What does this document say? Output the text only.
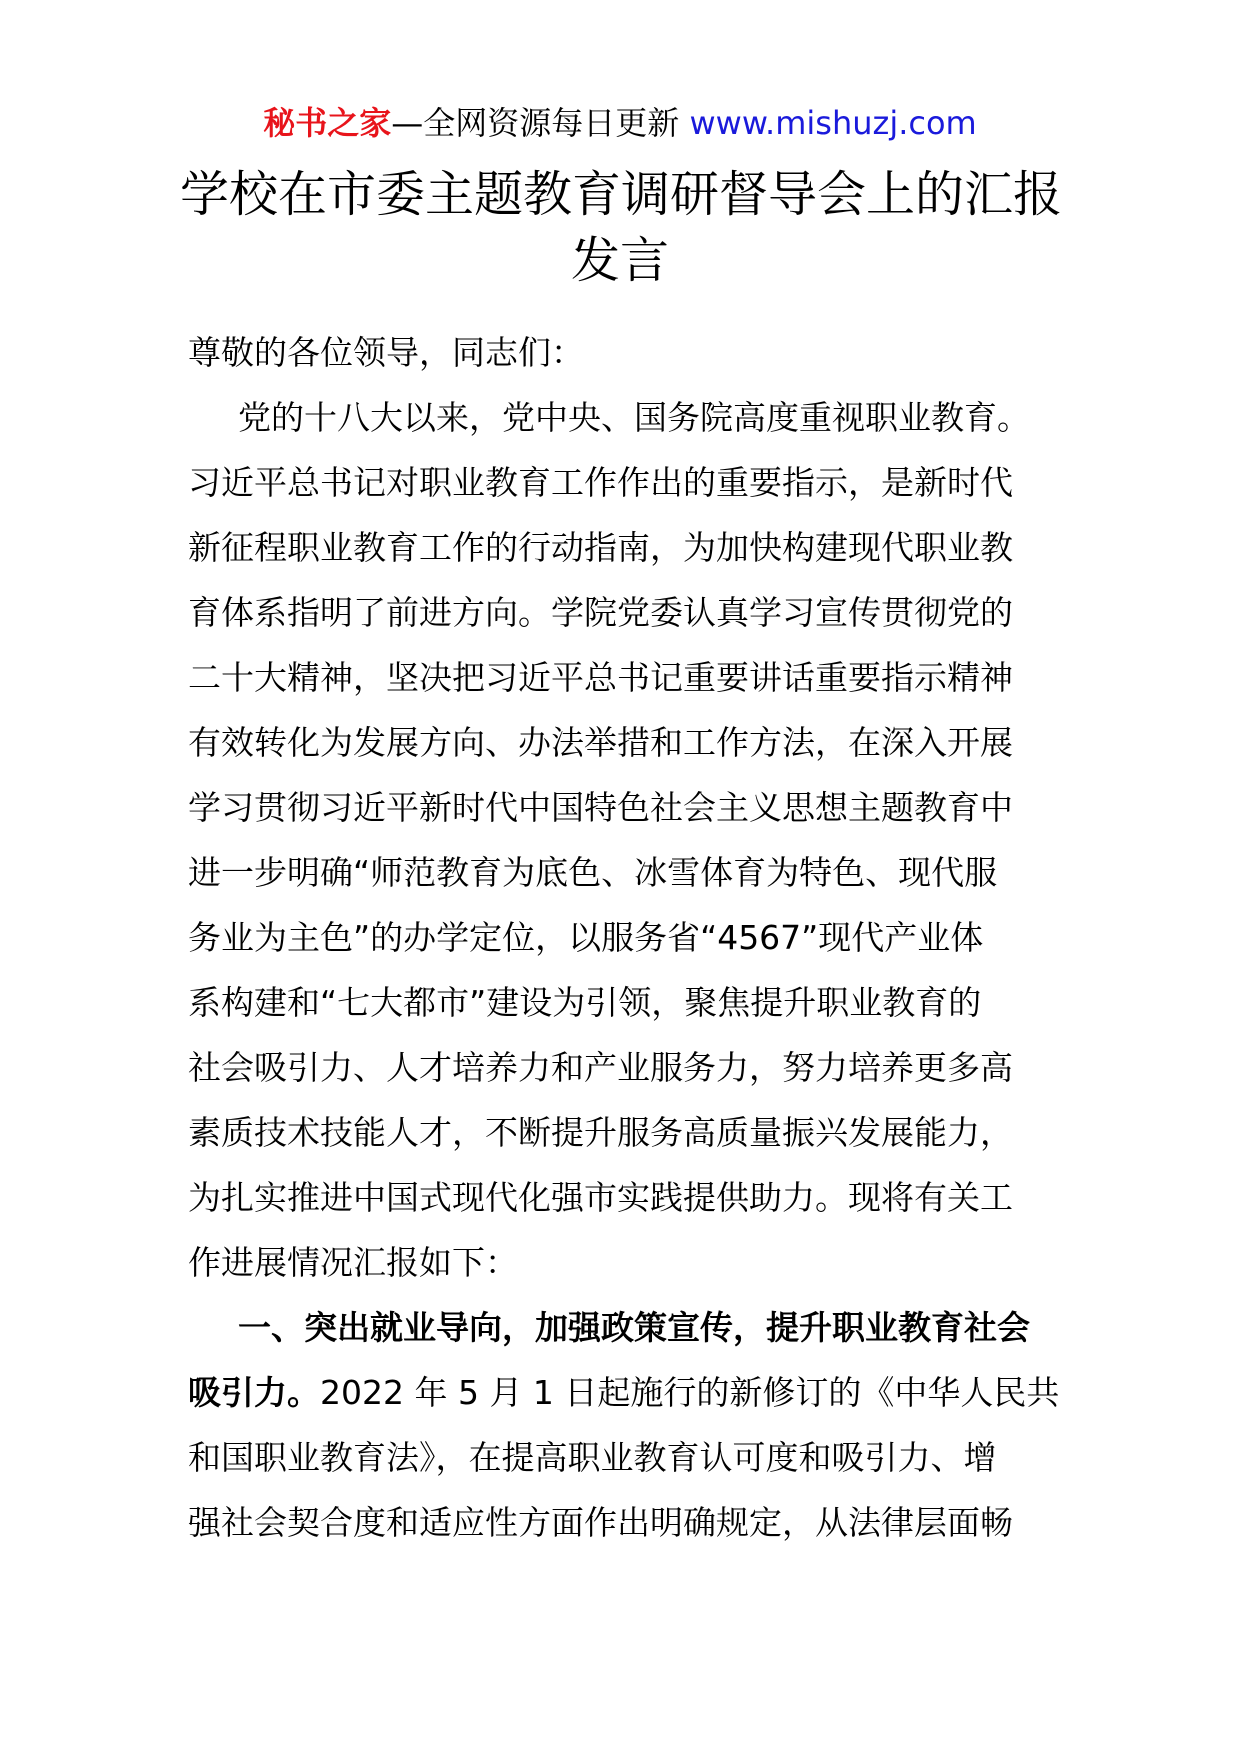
秘书之家—全网资源每日更新 www.mishuzj.com
学校在市委主题教育调研督导会上的汇报
发言
尊敬的各位领导，同志们：
党的十八大以来，党中央、国务院高度重视职业教育。
习近平总书记对职业教育工作作出的重要指示，是新时代
新征程职业教育工作的行动指南，为加快构建现代职业教
育体系指明了前进方向。学院党委认真学习宣传贯彻党的
二十大精神，坚决把习近平总书记重要讲话重要指示精神
有效转化为发展方向、办法举措和工作方法，在深入开展
学习贯彻习近平新时代中国特色社会主义思想主题教育中
进一步明确“师范教育为底色、冰雪体育为特色、现代服
务业为主色”的办学定位，以服务省“4567”现代产业体
系构建和“七大都市”建设为引领，聚焦提升职业教育的
社会吸引力、人才培养力和产业服务力，努力培养更多高
素质技术技能人才，不断提升服务高质量振兴发展能力，
为扎实推进中国式现代化强市实践提供助力。现将有关工
作进展情况汇报如下：
一、突出就业导向，加强政策宣传，提升职业教育社会
吸引力。2022 年 5 月 1 日起施行的新修订的《中华人民共
和国职业教育法》，在提高职业教育认可度和吸引力、增
强社会契合度和适应性方面作出明确规定，从法律层面畅
